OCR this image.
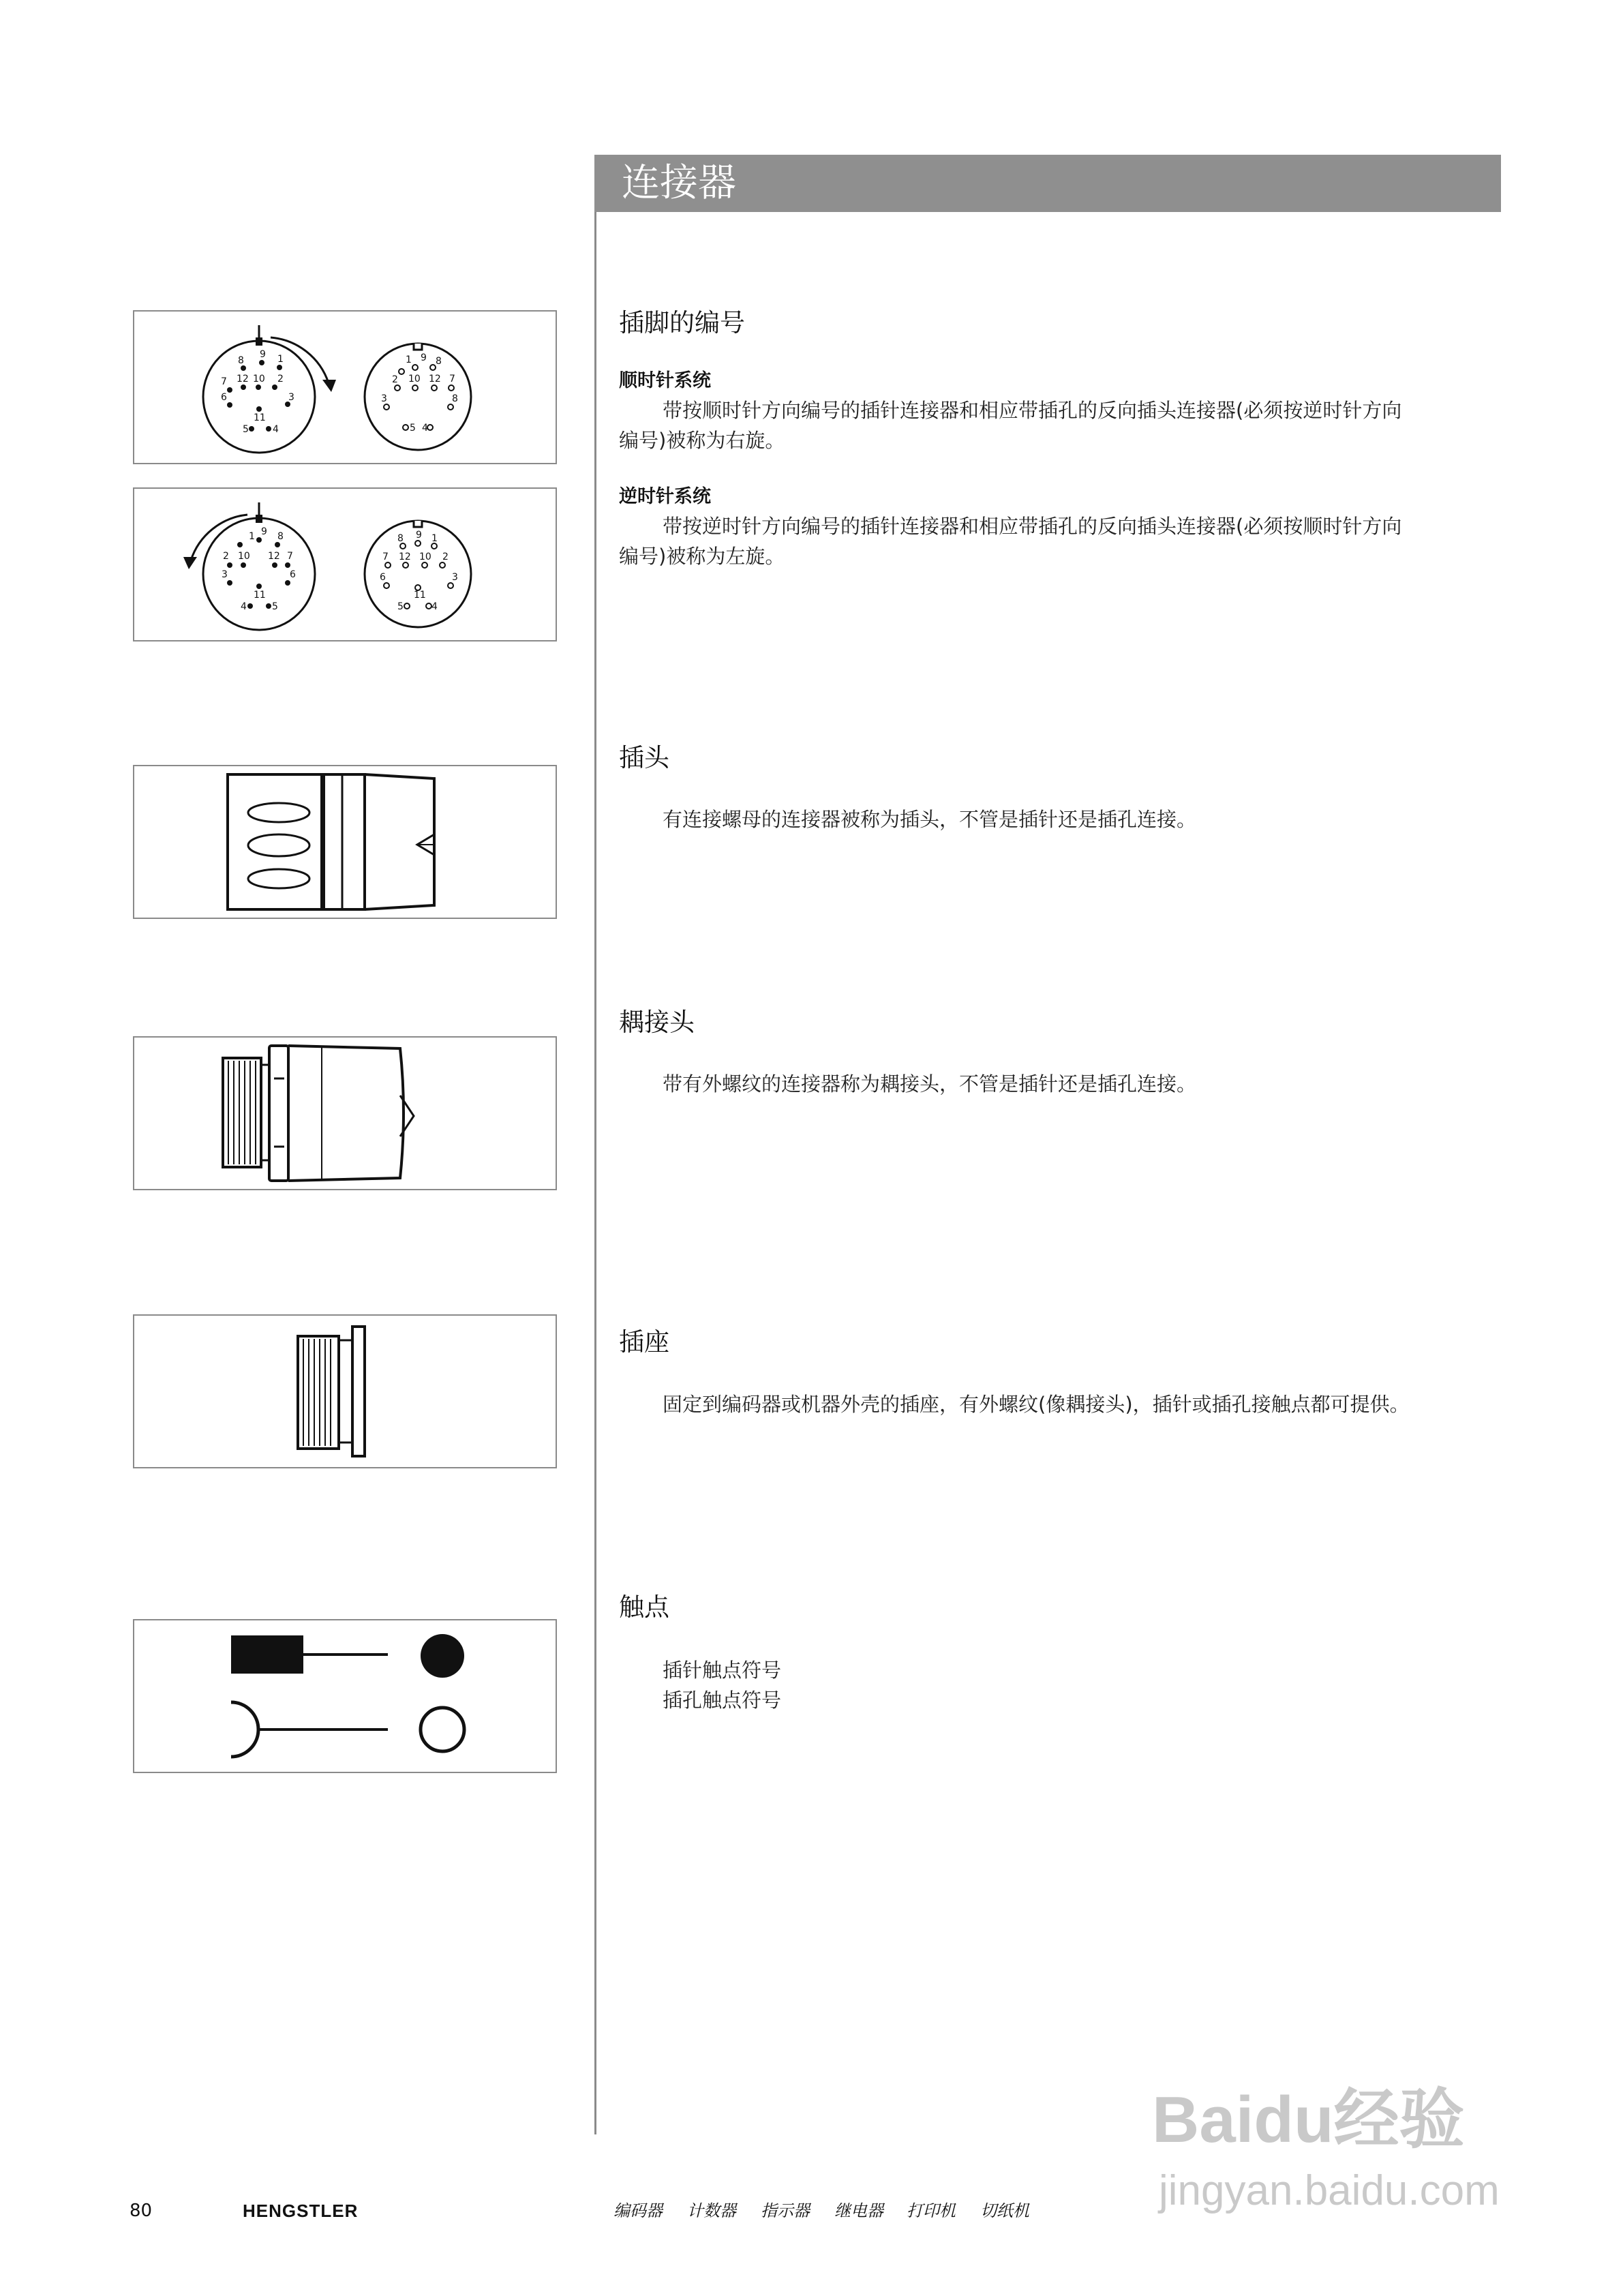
连接器
9
8	1
12 10 2
7
6	3
11
5	4
1 9 8
2 10 12 7
3	8
4
5
1 9 8
2 10 12 7
3
11
6
4	5
8 9 1
7 12 10 2
6	3
11
5	4
插脚的编号
顺时针系统
带按顺时针方向编号的插针连接器和相应带插孔的反向插头连接器(必须按逆时针方向
编号)被称为右旋。
逆时针系统
带按逆时针方向编号的插针连接器和相应带插孔的反向插头连接器(必须按顺时针方向
编号)被称为左旋。
插头
有连接螺母的连接器被称为插头，不管是插针还是插孔连接。
耦接头
带有外螺纹的连接器称为耦接头，不管是插针还是插孔连接。
插座
固定到编码器或机器外壳的插座，有外螺纹(像耦接头)，插针或插孔接触点都可提供。
触点
插针触点符号
插孔触点符号
80	HENGSTLER	编码器 计数器 指示器 继电器 打印机 切纸机
Baidu经验
jingyan.baidu.com
